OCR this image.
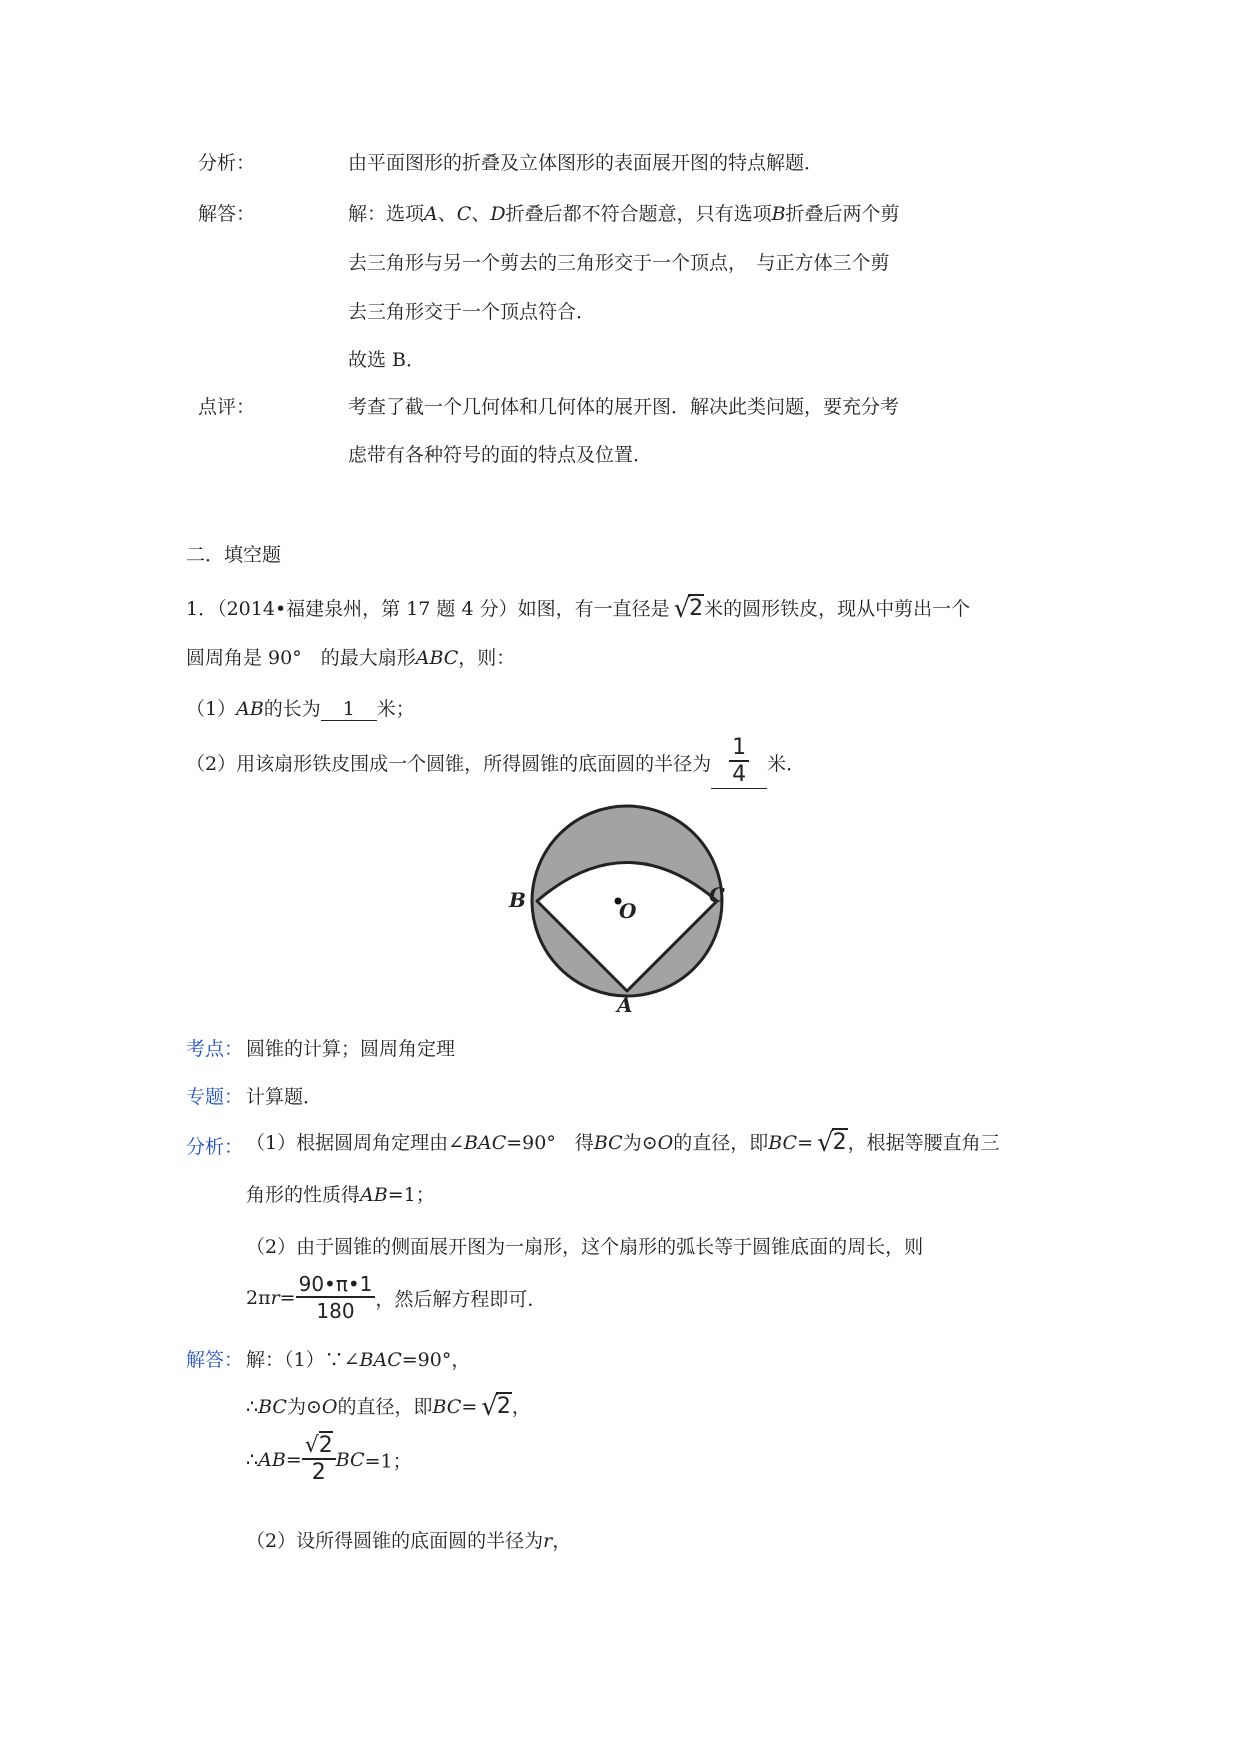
分析：	由平面图形的折叠及立体图形的表面展开图的特点解题．
解答：	解：选项A、C、D折叠后都不符合题意，只有选项B折叠后两个剪
去三角形与另一个剪去的三角形交于一个顶点，　与正方体三个剪
去三角形交于一个顶点符合．
故选 B．
点评：	考查了截一个几何体和几何体的展开图．解决此类问题，要充分考
虑带有各种符号的面的特点及位置．
二．填空题
1．（2014•福建泉州，第 17 题 4 分）如图，有一直径是 √2米的圆形铁皮，现从中剪出一个
圆周角是 90°　的最大扇形ABC，则：
（1）AB的长为 1 米；
（2）用该扇形铁皮围成一个圆锥，所得圆锥的底面圆的半径为 $\frac{1}{4}$ 米．
B	C
O
A
考点： 圆锥的计算；圆周角定理
专题： 计算题．
分析： （1）根据圆周角定理由∠BAC=90°　得BC为⊙O的直径，即BC= √2，根据等腰直角三
角形的性质得AB=1；
（2）由于圆锥的侧面展开图为一扇形，这个扇形的弧长等于圆锥底面的周长，则
$2\pi r= \frac{90•\pi•1}{180}$ ，然后解方程即可．
解答： 解：（1）∵∠BAC=90°，
∴BC为⊙O的直径，即BC= √2，
∴AB= $\frac{√2}{2} BC=1$；
（2）设所得圆锥的底面圆的半径为r，
